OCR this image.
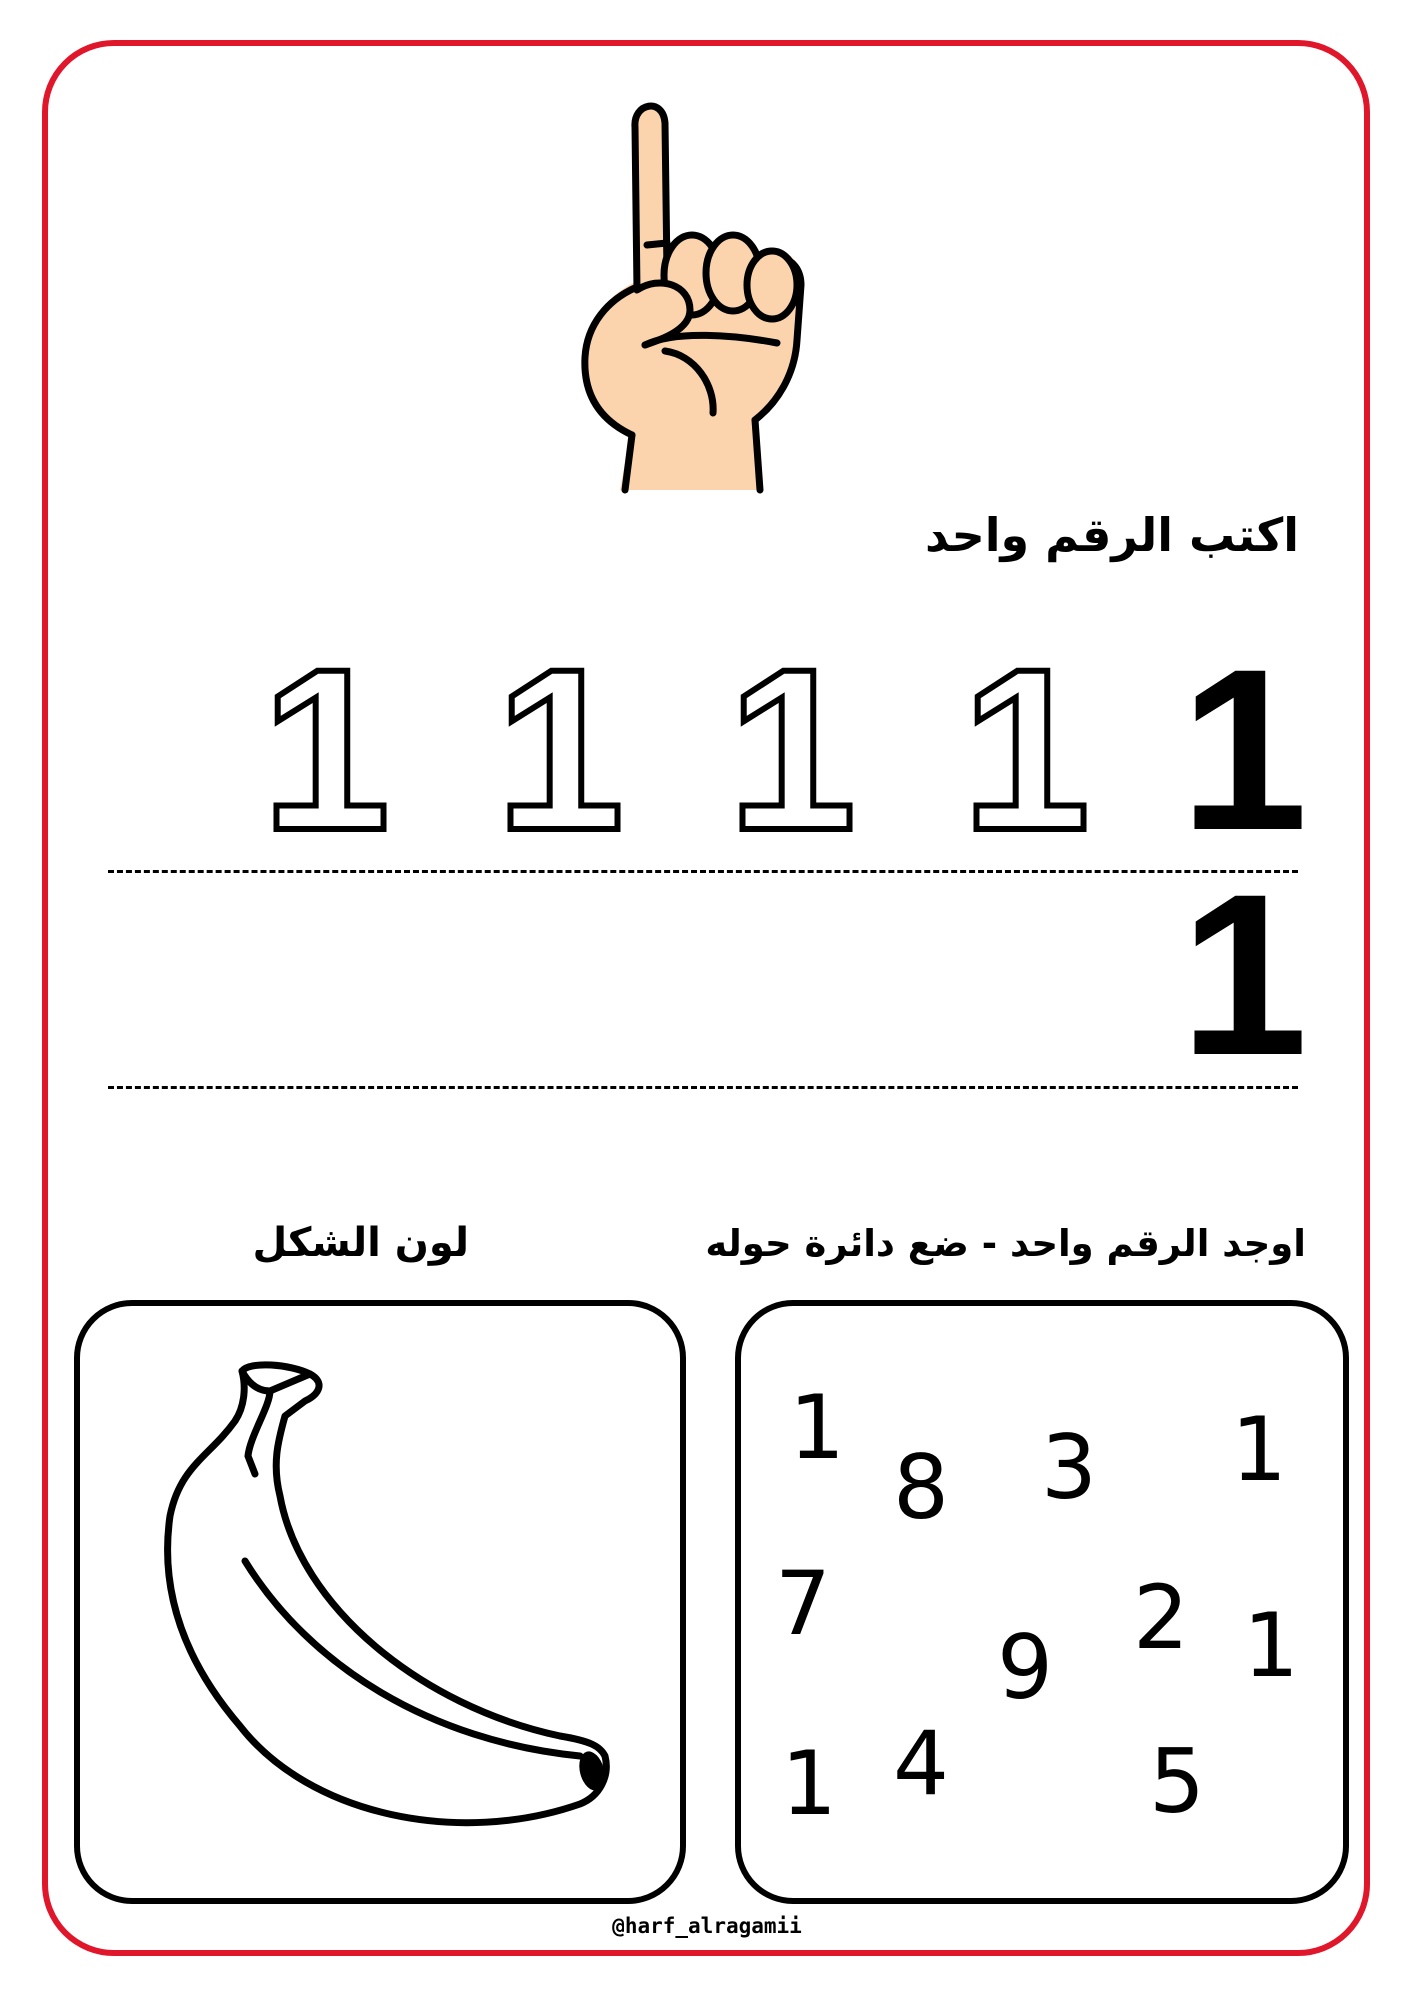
اكتب الرقم واحد
1
1
1
1
1
1
اوجد الرقم واحد - ضع دائرة حوله
لون الشكل
1
8 3 1
7	2 1
9
1 4 5
@harf_alragamii
